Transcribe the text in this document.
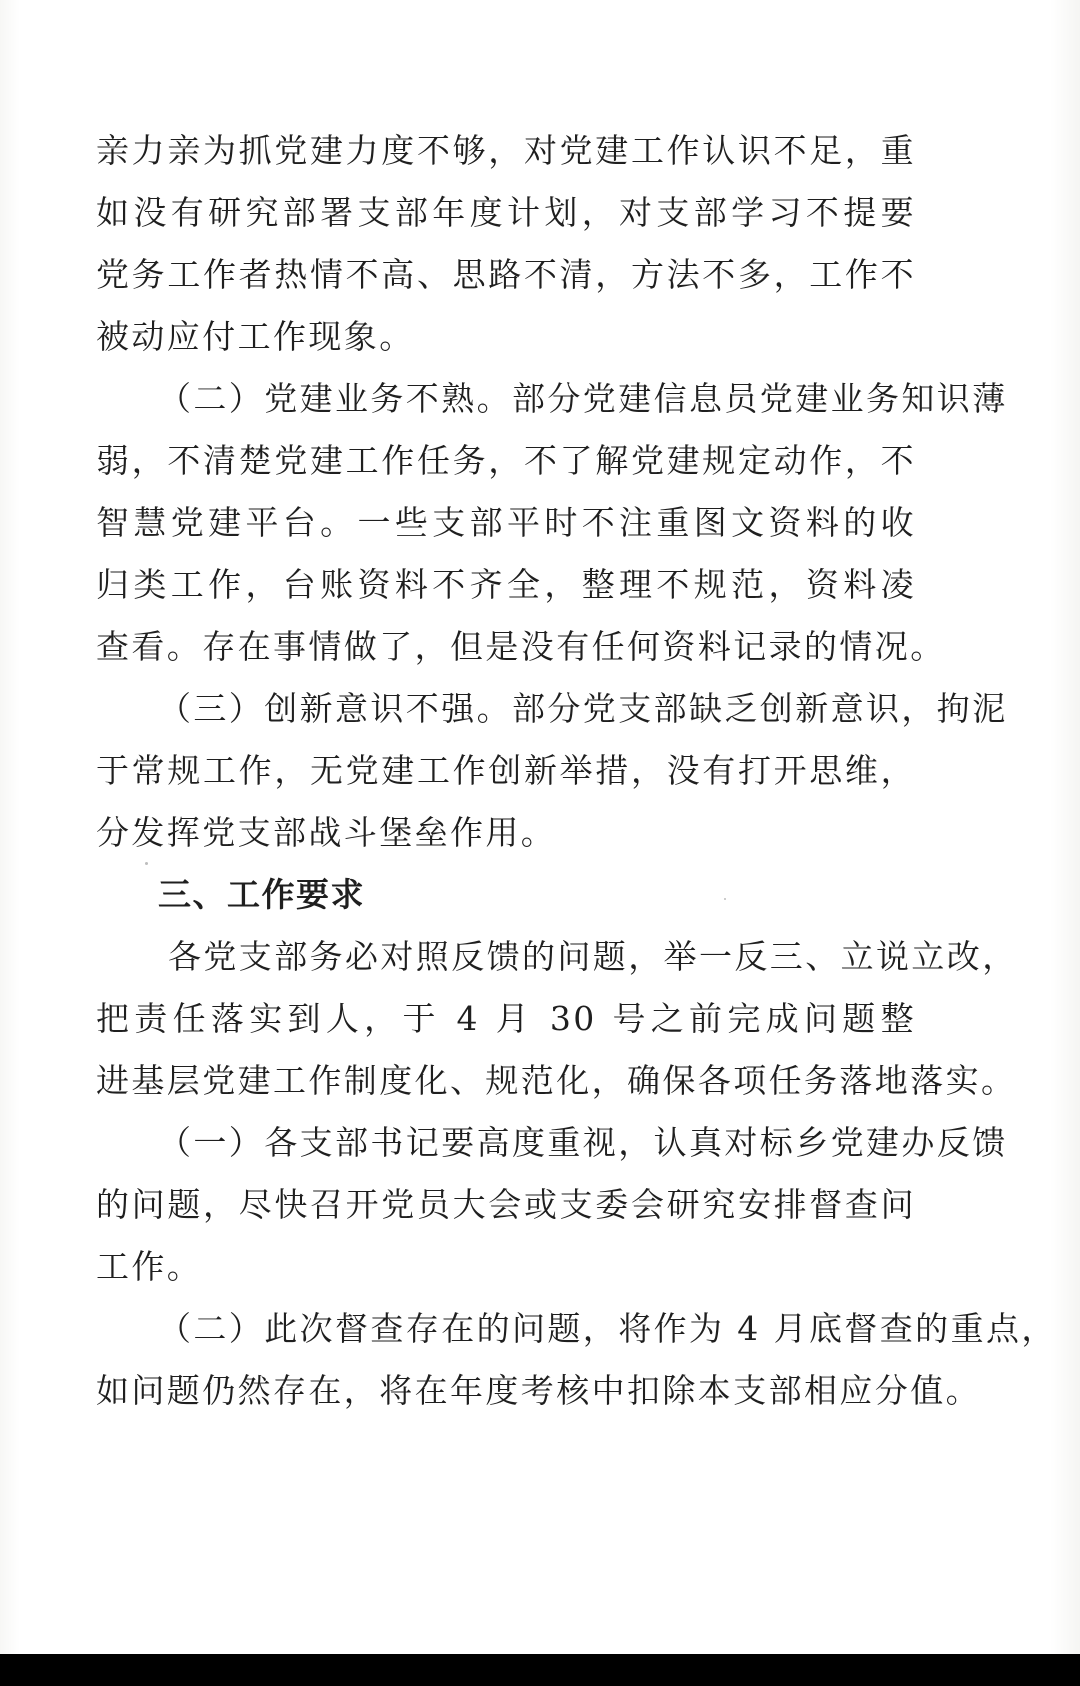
亲力亲为抓党建力度不够，对党建工作认识不足，重
如没有研究部署支部年度计划，对支部学习不提要
党务工作者热情不高、思路不清，方法不多，工作不
被动应付工作现象。
（二）党建业务不熟。部分党建信息员党建业务知识薄
弱，不清楚党建工作任务，不了解党建规定动作，不
智慧党建平台。一些支部平时不注重图文资料的收
归类工作，台账资料不齐全，整理不规范，资料凌
查看。存在事情做了，但是没有任何资料记录的情况。
（三）创新意识不强。部分党支部缺乏创新意识，拘泥
于常规工作，无党建工作创新举措，没有打开思维，
分发挥党支部战斗堡垒作用。
三、工作要求
各党支部务必对照反馈的问题，举一反三、立说立改，
把责任落实到人，于 4 月 30 号之前完成问题整
进基层党建工作制度化、规范化，确保各项任务落地落实。
（一）各支部书记要高度重视，认真对标乡党建办反馈
的问题，尽快召开党员大会或支委会研究安排督查问
工作。
（二）此次督查存在的问题，将作为 4 月底督查的重点，
如问题仍然存在，将在年度考核中扣除本支部相应分值。
